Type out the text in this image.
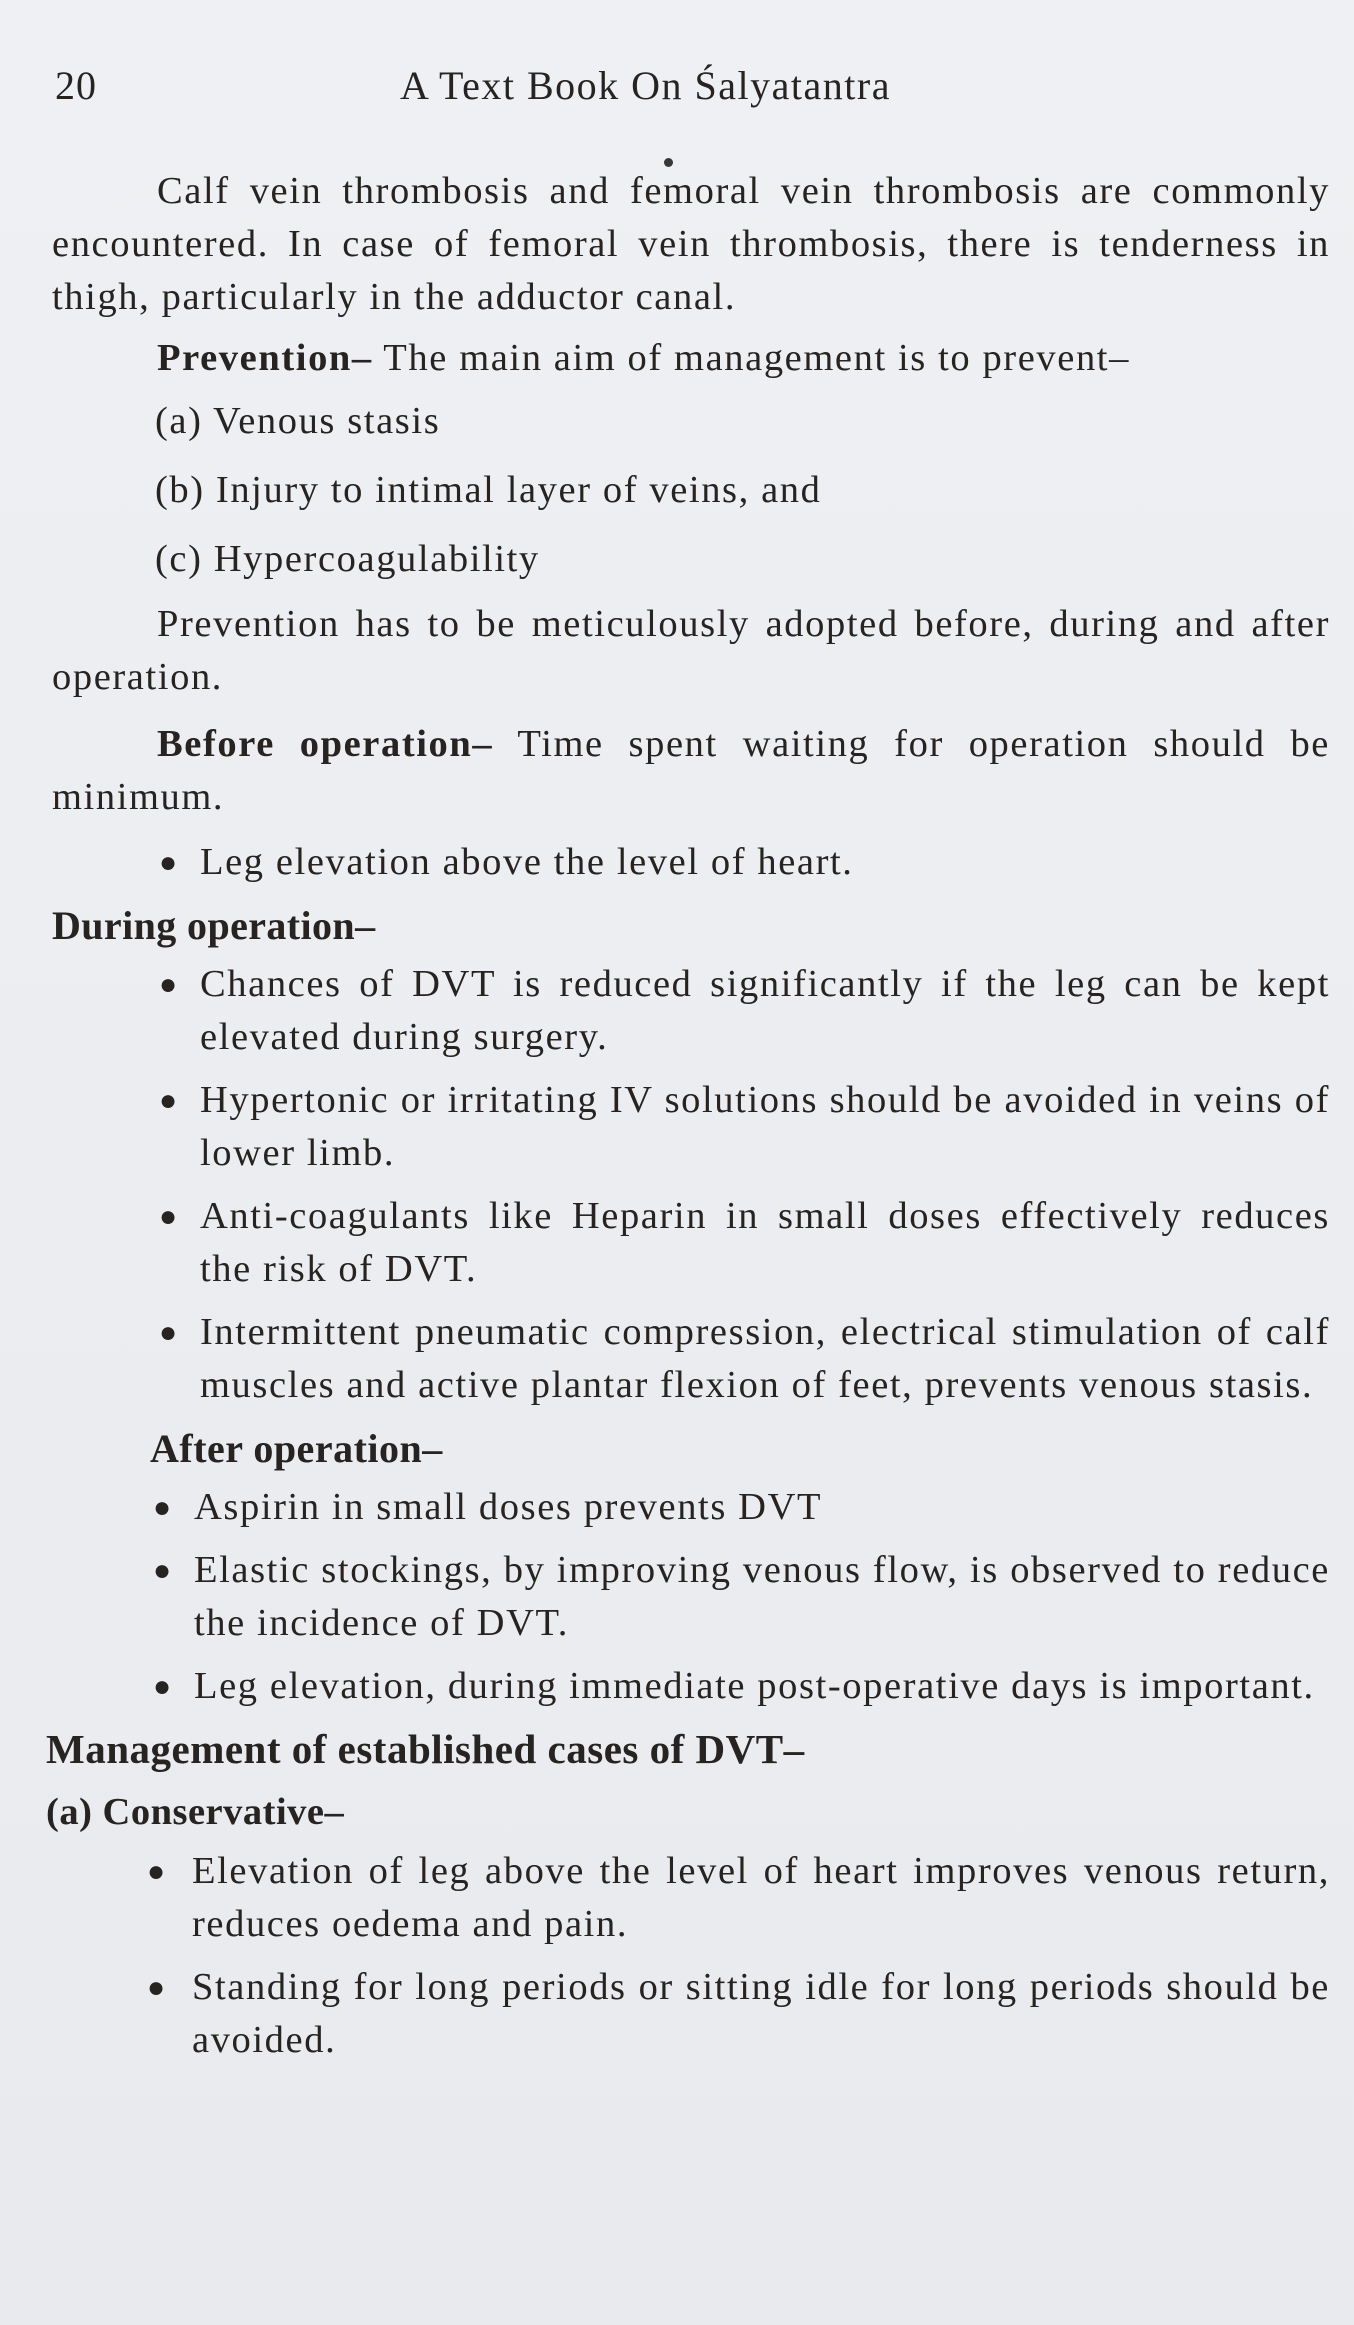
20	A Text Book On Śalyatantra

Calf vein thrombosis and femoral vein thrombosis are commonly encountered. In case of femoral vein thrombosis, there is tenderness in thigh, particularly in the adductor canal.

Prevention– The main aim of management is to prevent–

(a) Venous stasis

(b) Injury to intimal layer of veins, and

(c) Hypercoagulability

Prevention has to be meticulously adopted before, during and after operation.

Before operation– Time spent waiting for operation should be minimum.

● Leg elevation above the level of heart.
During operation–
● Chances of DVT is reduced significantly if the leg can be kept elevated during surgery.
● Hypertonic or irritating IV solutions should be avoided in veins of lower limb.
● Anti-coagulants like Heparin in small doses effectively reduces the risk of DVT.
● Intermittent pneumatic compression, electrical stimulation of calf muscles and active plantar flexion of feet, prevents venous stasis.
After operation–
● Aspirin in small doses prevents DVT
● Elastic stockings, by improving venous flow, is observed to reduce the incidence of DVT.
● Leg elevation, during immediate post-operative days is important.
Management of established cases of DVT–
(a) Conservative–
● Elevation of leg above the level of heart improves venous return, reduces oedema and pain.
● Standing for long periods or sitting idle for long periods should be avoided.
